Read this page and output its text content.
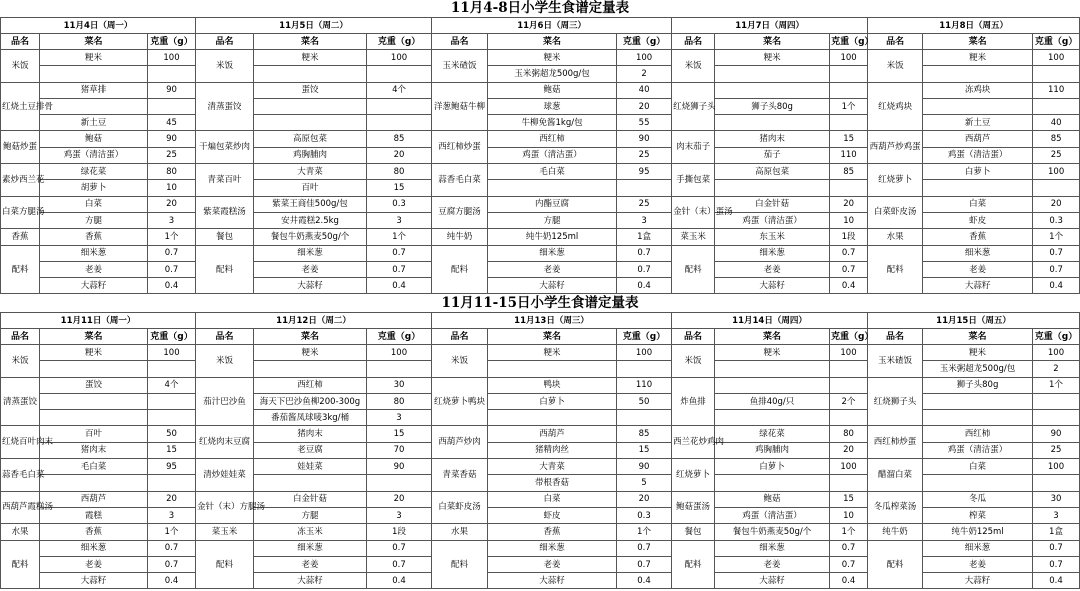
11月4-8日小学生食谱定量表
11月4日（周一）			11月5日（周二）			11月6日（周三）			11月7日（周四）			11月8日（周五）		
品名	菜名	克重（g）	品名	菜名	克重（g）	品名	菜名	克重（g）	品名	菜名	克重（g）	品名	菜名	克重（g）
米饭	粳米	100	米饭	粳米	100	玉米碴饭	粳米	100	米饭	粳米	100	米饭	粳米	100
							玉米粥超龙500g/包	2						
红烧土豆排骨	猪草排	90	清蒸蛋饺	蛋饺	4个	洋葱鲍菇牛柳	鲍菇	40	红烧狮子头			红烧鸡块	冻鸡块	110
							球葱	20		狮子头80g	1个			
	新土豆	45					牛柳免酱1kg/包	55					新土豆	40
鲍菇炒蛋	鲍菇	90	干煸包菜炒肉	高原包菜	85	西红柿炒蛋	西红柿	90	肉末茄子	猪肉末	15	西葫芦炒鸡蛋	西葫芦	85
	鸡蛋（清洁蛋）	25		鸡胸脯肉	20		鸡蛋（清洁蛋）	25		茄子	110		鸡蛋（清洁蛋）	25
素炒西兰花	绿花菜	80	青菜百叶	大青菜	80	蒜香毛白菜	毛白菜	95	手撕包菜	高原包菜	85	红烧萝卜	白萝卜	100
	胡萝卜	10		百叶	15									
白菜方腿汤	白菜	20	紫菜霞糕汤	紫菜王商佳500g/包	0.3	豆腐方腿汤	内酯豆腐	25	金针（末）蛋汤	白金针菇	20	白菜虾皮汤	白菜	20
	方腿	3		安井霞糕2.5kg	3		方腿	3		鸡蛋（清洁蛋）	10		虾皮	0.3
香蕉	香蕉	1个	餐包	餐包牛奶燕麦50g/个	1个	纯牛奶	纯牛奶125ml	1盒	菜玉米	东玉米	1段	水果	香蕉	1个
配料	细米葱	0.7	配料	细米葱	0.7	配料	细米葱	0.7	配料	细米葱	0.7	配料	细米葱	0.7
	老姜	0.7		老姜	0.7		老姜	0.7		老姜	0.7		老姜	0.7
	大蒜籽	0.4		大蒜籽	0.4		大蒜籽	0.4		大蒜籽	0.4		大蒜籽	0.4
11月11-15日小学生食谱定量表
11月11日（周一）			11月12日（周二）			11月13日（周三）			11月14日（周四）			11月15日（周五）		
品名	菜名	克重（g）	品名	菜名	克重（g）	品名	菜名	克重（g）	品名	菜名	克重（g）	品名	菜名	克重（g）
米饭	粳米	100	米饭	粳米	100	米饭	粳米	100	米饭	粳米	100	玉米碴饭	粳米	100
													玉米粥超龙500g/包	2
清蒸蛋饺	蛋饺	4个	茄汁巴沙鱼	西红柿	30	红烧萝卜鸭块	鸭块	110	炸鱼排			红烧狮子头	狮子头80g	1个
				海天下巴沙鱼柳200-300g	80		白萝卜	50		鱼排40g/只	2个			
				番茄酱凤球唛3kg/桶	3									
红烧百叶肉末	百叶	50	红烧肉末豆腐	猪肉末	15	西葫芦炒肉	西葫芦	85	西兰花炒鸡肉	绿花菜	80	西红柿炒蛋	西红柿	90
	猪肉末	15		老豆腐	70		猪精肉丝	15		鸡胸脯肉	20		鸡蛋（清洁蛋）	25
蒜香毛白菜	毛白菜	95	清炒娃娃菜	娃娃菜	90	青菜香菇	大青菜	90	红烧萝卜	白萝卜	100	醋溜白菜	白菜	100
							带根香菇	5						
西葫芦霞糕汤	西葫芦	20	金针（末）方腿汤	白金针菇	20	白菜虾皮汤	白菜	20	鲍菇蛋汤	鲍菇	15	冬瓜榨菜汤	冬瓜	30
	霞糕	3		方腿	3		虾皮	0.3		鸡蛋（清洁蛋）	10		榨菜	3
水果	香蕉	1个	菜玉米	冻玉米	1段	水果	香蕉	1个	餐包	餐包牛奶燕麦50g/个	1个	纯牛奶	纯牛奶125ml	1盒
配料	细米葱	0.7	配料	细米葱	0.7	配料	细米葱	0.7	配料	细米葱	0.7	配料	细米葱	0.7
	老姜	0.7		老姜	0.7		老姜	0.7		老姜	0.7		老姜	0.7
	大蒜籽	0.4		大蒜籽	0.4		大蒜籽	0.4		大蒜籽	0.4		大蒜籽	0.4
